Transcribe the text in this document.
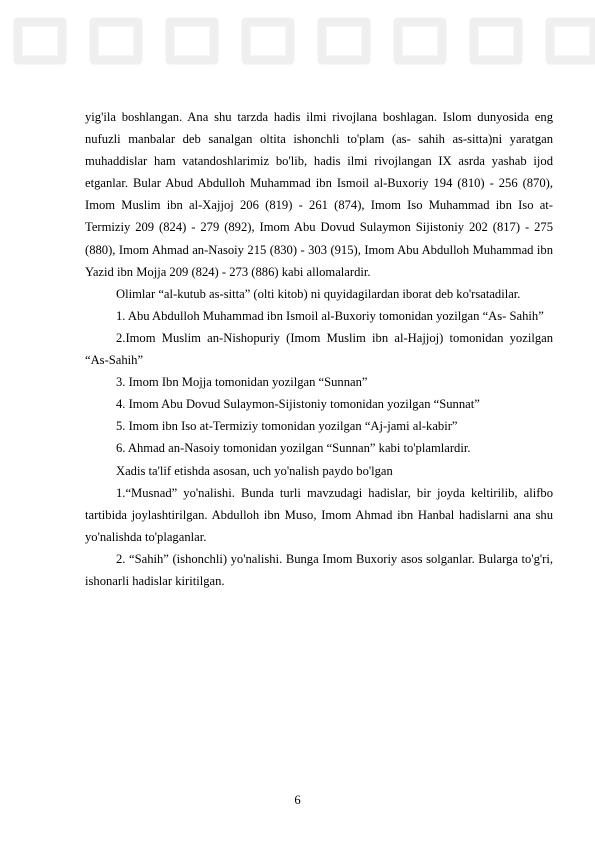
yig'ila boshlangan. Ana shu tarzda hadis ilmi rivojlana boshlagan. Islom dunyosida eng nufuzli manbalar deb sanalgan oltita ishonchli to'plam (as- sahih as-sitta)ni yaratgan muhaddislar ham vatandoshlarimiz bo'lib, hadis ilmi rivojlangan IX asrda yashab ijod etganlar. Bular Abud Abdulloh Muhammad ibn Ismoil al-Buxoriy 194 (810) - 256 (870), Imom Muslim ibn al-Xajjoj 206 (819) - 261 (874), Imom Iso Muhammad ibn Iso at-Termiziy 209 (824) - 279 (892), Imom Abu Dovud Sulaymon Sijistoniy 202 (817) - 275 (880), Imom Ahmad an-Nasoiy 215 (830) - 303 (915), Imom Abu Abdulloh Muhammad ibn Yazid ibn Mojja 209 (824) - 273 (886) kabi allomalardir.

Olimlar “al-kutub as-sitta” (olti kitob) ni quyidagilardan iborat deb ko'rsatadilar.

1. Abu Abdulloh Muhammad ibn Ismoil al-Buxoriy tomonidan yozilgan “As- Sahih”

2.Imom Muslim an-Nishopuriy (Imom Muslim ibn al-Hajjoj) tomonidan yozilgan “As-Sahih”

3. Imom Ibn Mojja tomonidan yozilgan “Sunnan”

4. Imom Abu Dovud Sulaymon-Sijistoniy tomonidan yozilgan “Sunnat”

5. Imom ibn Iso at-Termiziy tomonidan yozilgan “Aj-jami al-kabir”

6. Ahmad an-Nasoiy tomonidan yozilgan “Sunnan” kabi to'plamlardir.

Xadis ta'lif etishda asosan, uch yo'nalish paydo bo'lgan

1.“Musnad” yo'nalishi. Bunda turli mavzudagi hadislar, bir joyda keltirilib, alifbo tartibida joylashtirilgan. Abdulloh ibn Muso, Imom Ahmad ibn Hanbal hadislarni ana shu yo'nalishda to'plaganlar.

2. “Sahih” (ishonchli) yo'nalishi. Bunga Imom Buxoriy asos solganlar. Bularga to'g'ri, ishonarli hadislar kiritilgan.

6
